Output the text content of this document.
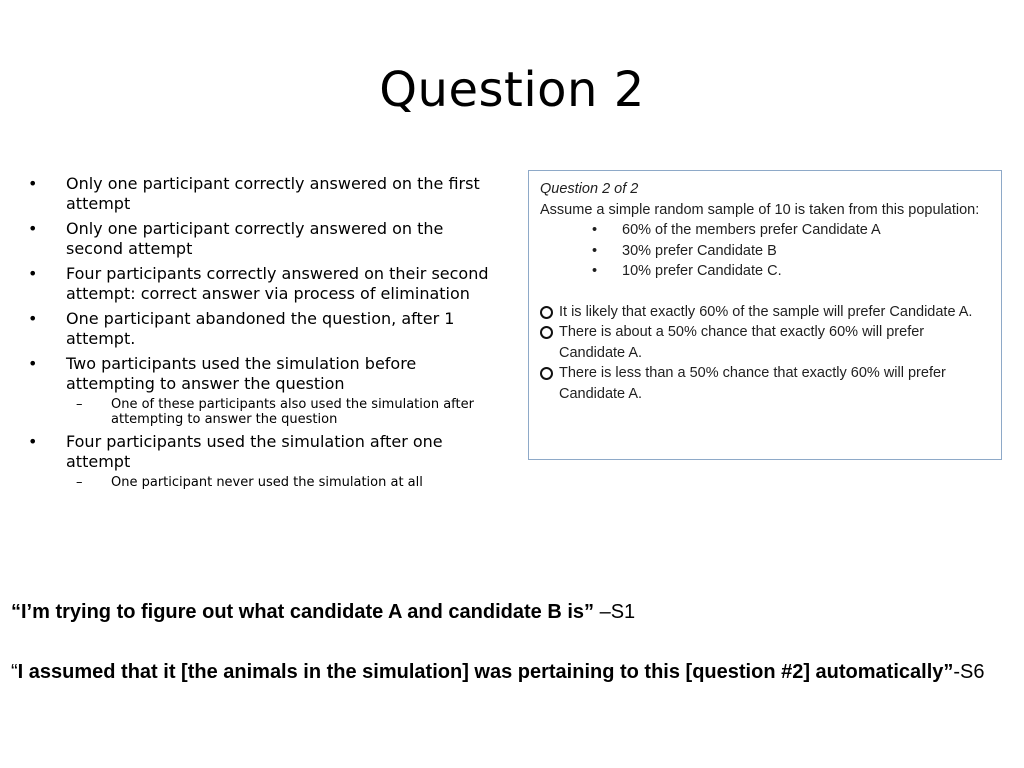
Question 2
• Only one participant correctly answered on the first attempt
• Only one participant correctly answered on the second attempt
• Four participants correctly answered on their second attempt: correct answer via process of elimination
• One participant abandoned the question, after 1 attempt.
• Two participants used the simulation before attempting to answer the question
– One of these participants also used the simulation after attempting to answer the question
• Four participants used the simulation after one attempt
– One participant never used the simulation at all
Question 2 of 2
Assume a simple random sample of 10 is taken from this population:
• 60% of the members prefer Candidate A
• 30% prefer Candidate B
• 10% prefer Candidate C.
It is likely that exactly 60% of the sample will prefer Candidate A.
There is about a 50% chance that exactly 60% will prefer Candidate A.
There is less than a 50% chance that exactly 60% will prefer Candidate A.
“I’m trying to figure out what candidate A and candidate B is” –S1
“I assumed that it [the animals in the simulation] was pertaining to this [question #2] automatically”-S6
